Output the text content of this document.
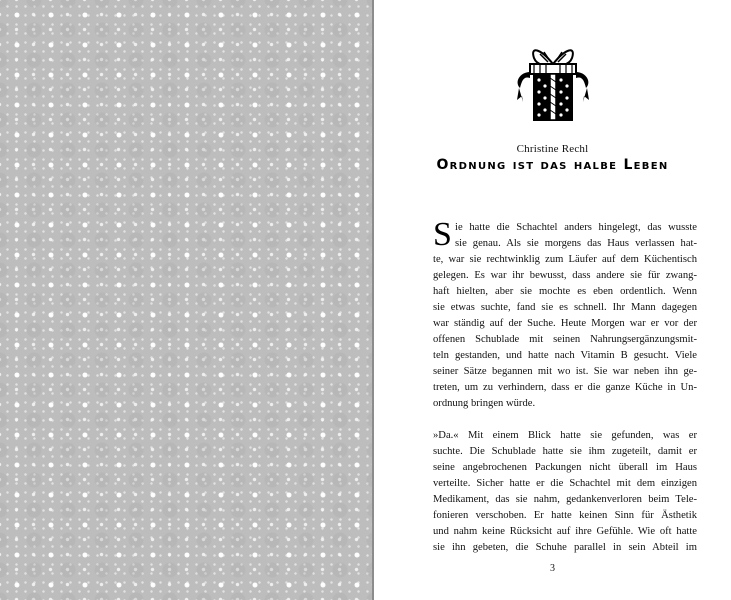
Christine Rechl
Ordnung ist das halbe Leben
S ie hatte die Schachtel anders hingelegt, das wusste
sie genau. Als sie morgens das Haus verlassen hat-
te, war sie rechtwinklig zum Läufer auf dem Küchentisch
gelegen. Es war ihr bewusst, dass andere sie für zwang-
haft hielten, aber sie mochte es eben ordentlich. Wenn
sie etwas suchte, fand sie es schnell. Ihr Mann dagegen
war ständig auf der Suche. Heute Morgen war er vor der
offenen Schublade mit seinen Nahrungsergänzungsmit-
teln gestanden, und hatte nach Vitamin B gesucht. Viele
seiner Sätze begannen mit wo ist. Sie war neben ihn ge-
treten, um zu verhindern, dass er die ganze Küche in Un-
ordnung bringen würde.
»Da.« Mit einem Blick hatte sie gefunden, was er
suchte. Die Schublade hatte sie ihm zugeteilt, damit er
seine angebrochenen Packungen nicht überall im Haus
verteilte. Sicher hatte er die Schachtel mit dem einzigen
Medikament, das sie nahm, gedankenverloren beim Tele-
fonieren verschoben. Er hatte keinen Sinn für Ästhetik
und nahm keine Rücksicht auf ihre Gefühle. Wie oft hatte
sie ihn gebeten, die Schuhe parallel in sein Abteil im
3
